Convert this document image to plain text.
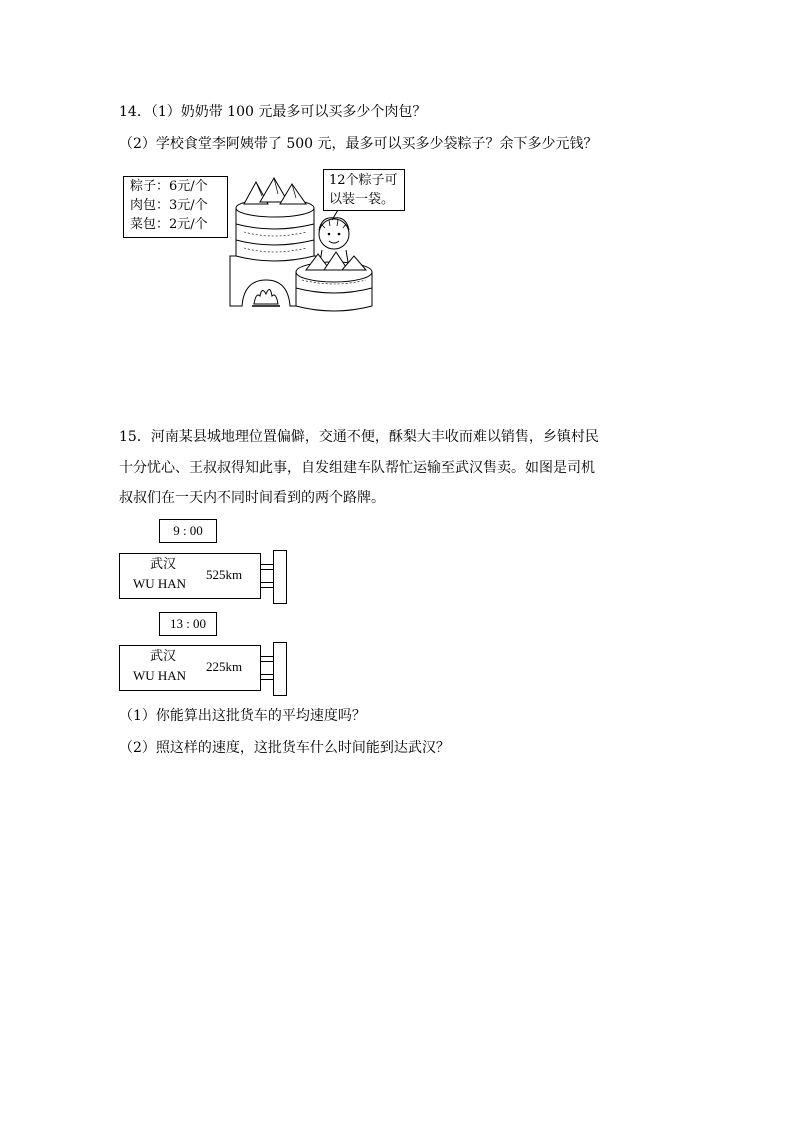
14．（1）奶奶带 100 元最多可以买多少个肉包？
（2）学校食堂李阿姨带了 500 元，最多可以买多少袋粽子？余下多少元钱？
粽子：6元/个
肉包：3元/个
菜包：2元/个
12个粽子可
以装一袋。
15．河南某县城地理位置偏僻，交通不便，酥梨大丰收而难以销售，乡镇村民
十分忧心、王叔叔得知此事，自发组建车队帮忙运输至武汉售卖。如图是司机
叔叔们在一天内不同时间看到的两个路牌。
9 : 00
武汉
WU HAN
525km
13 : 00
武汉
WU HAN
225km
（1）你能算出这批货车的平均速度吗？
（2）照这样的速度，这批货车什么时间能到达武汉？
